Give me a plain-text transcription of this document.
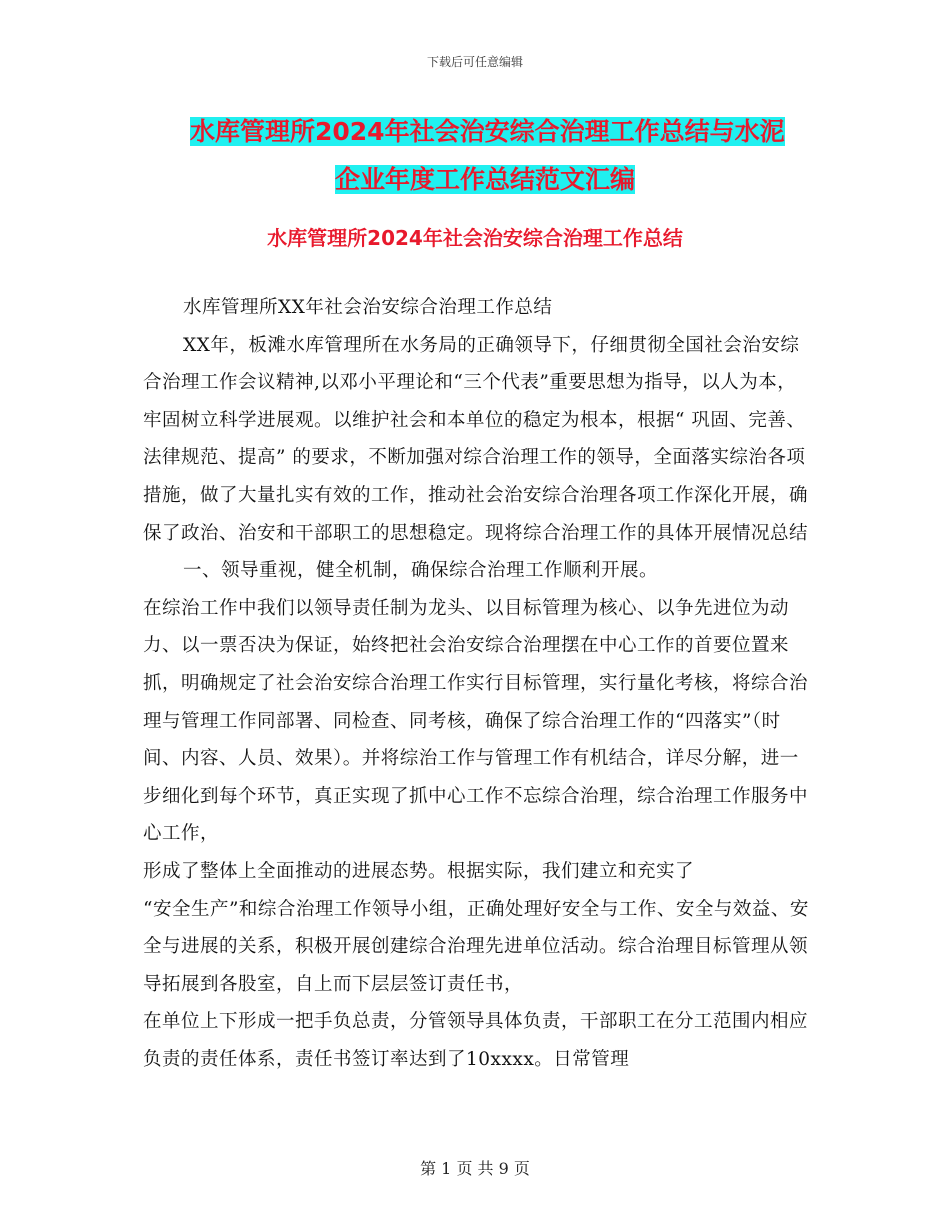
下载后可任意编辑
水库管理所2024年社会治安综合治理工作总结与水泥
企业年度工作总结范文汇编
水库管理所2024年社会治安综合治理工作总结

水库管理所XX年社会治安综合治理工作总结

XX年，板滩水库管理所在水务局的正确领导下，仔细贯彻全国社会治安综合治理工作会议精神,以邓小平理论和“三个代表”重要思想为指导，以人为本，牢固树立科学进展观。以维护社会和本单位的稳定为根本，根据“ 巩固、完善、法律规范、提高” 的要求，不断加强对综合治理工作的领导，全面落实综治各项措施，做了大量扎实有效的工作，推动社会治安综合治理各项工作深化开展，确保了政治、治安和干部职工的思想稳定。现将综合治理工作的具体开展情况总结

一、领导重视，健全机制，确保综合治理工作顺利开展。

在综治工作中我们以领导责任制为龙头、以目标管理为核心、以争先进位为动力、以一票否决为保证，始终把社会治安综合治理摆在中心工作的首要位置来抓，明确规定了社会治安综合治理工作实行目标管理，实行量化考核，将综合治理与管理工作同部署、同检查、同考核，确保了综合治理工作的“四落实”（时间、内容、人员、效果）。并将综治工作与管理工作有机结合，详尽分解，进一步细化到每个环节，真正实现了抓中心工作不忘综合治理，综合治理工作服务中心工作，

形成了整体上全面推动的进展态势。根据实际，我们建立和充实了

“安全生产”和综合治理工作领导小组，正确处理好安全与工作、安全与效益、安全与进展的关系，积极开展创建综合治理先进单位活动。综合治理目标管理从领导拓展到各股室，自上而下层层签订责任书，

在单位上下形成一把手负总责，分管领导具体负责，干部职工在分工范围内相应负责的责任体系，责任书签订率达到了10xxxx。日常管理

第 1 页 共 9 页
